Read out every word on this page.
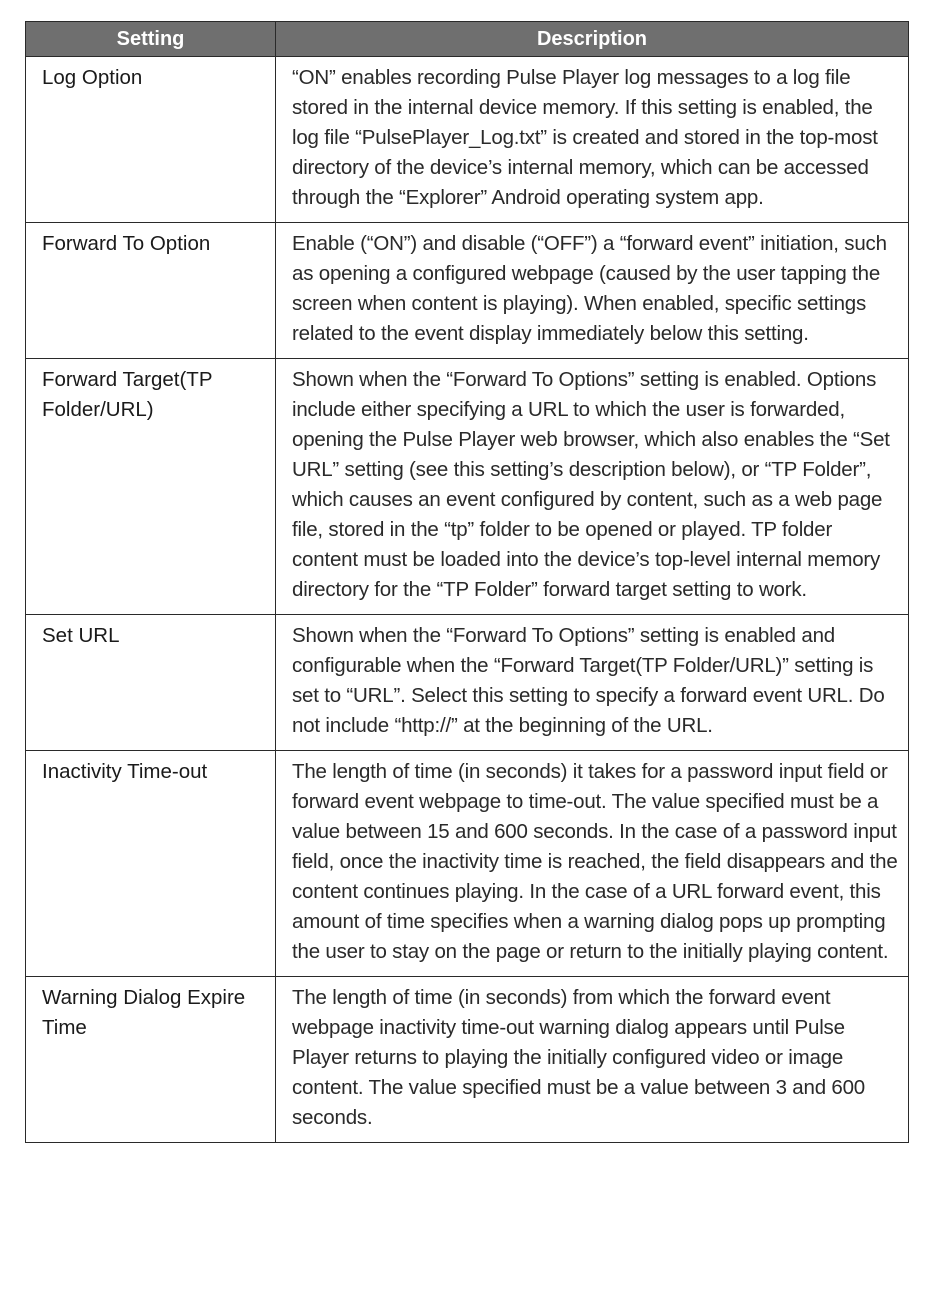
Setting	Description
Log Option	“ON” enables recording Pulse Player log messages to a log file stored in the internal device memory. If this setting is enabled, the log file “PulsePlayer_Log.txt” is created and stored in the top-most directory of the device’s internal memory, which can be accessed through the “Explorer” Android operating system app.
Forward To Option	Enable (“ON”) and disable (“OFF”) a “forward event” initiation, such as opening a configured webpage (caused by the user tapping the screen when content is playing). When enabled, specific settings related to the event display immediately below this setting.
Forward Target(TP Folder/URL)	Shown when the “Forward To Options” setting is enabled. Options include either specifying a URL to which the user is forwarded, opening the Pulse Player web browser, which also enables the “Set URL” setting (see this setting’s description below), or “TP Folder”, which causes an event configured by content, such as a web page file, stored in the “tp” folder to be opened or played. TP folder content must be loaded into the device’s top-level internal memory directory for the “TP Folder” forward target setting to work.
Set URL	Shown when the “Forward To Options” setting is enabled and configurable when the “Forward Target(TP Folder/URL)” setting is set to “URL”. Select this setting to specify a forward event URL. Do not include “http://” at the beginning of the URL.
Inactivity Time-out	The length of time (in seconds) it takes for a password input field or forward event webpage to time-out. The value specified must be a value between 15 and 600 seconds. In the case of a password input field, once the inactivity time is reached, the field disappears and the content continues playing. In the case of a URL forward event, this amount of time specifies when a warning dialog pops up prompting the user to stay on the page or return to the initially playing content.
Warning Dialog Expire Time	The length of time (in seconds) from which the forward event webpage inactivity time-out warning dialog appears until Pulse Player returns to playing the initially configured video or image content. The value specified must be a value between 3 and 600 seconds.
